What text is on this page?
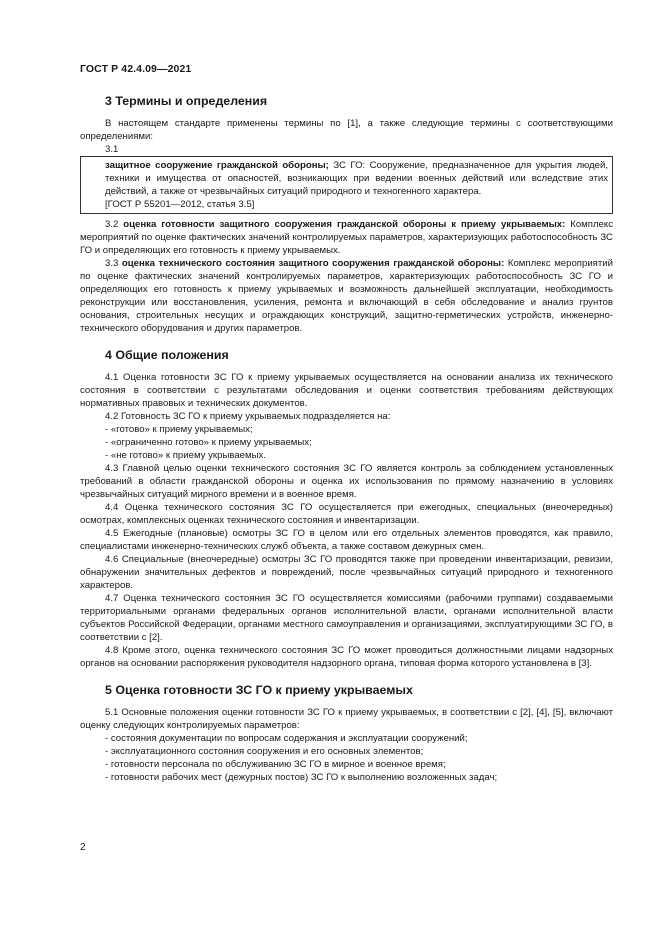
ГОСТ Р 42.4.09—2021
3 Термины и определения

В настоящем стандарте применены термины по [1], а также следующие термины с соответствующими определениями:

3.1

защитное сооружение гражданской обороны; ЗС ГО: Сооружение, предназначенное для укрытия людей, техники и имущества от опасностей, возникающих при ведении военных действий или вследствие этих действий, а также от чрезвычайных ситуаций природного и техногенного характера.

[ГОСТ Р 55201—2012, статья 3.5]

3.2 оценка готовности защитного сооружения гражданской обороны к приему укрываемых: Комплекс мероприятий по оценке фактических значений контролируемых параметров, характеризующих работоспособность ЗС ГО и определяющих его готовность к приему укрываемых.

3.3 оценка технического состояния защитного сооружения гражданской обороны: Комплекс мероприятий по оценке фактических значений контролируемых параметров, характеризующих работоспособность ЗС ГО и определяющих его готовность к приему укрываемых и возможность дальнейшей эксплуатации, необходимость реконструкции или восстановления, усиления, ремонта и включающий в себя обследование и анализ грунтов основания, строительных несущих и ограждающих конструкций, защитно-герметических устройств, инженерно-технического оборудования и других параметров.

4 Общие положения

4.1 Оценка готовности ЗС ГО к приему укрываемых осуществляется на основании анализа их технического состояния в соответствии с результатами обследования и оценки соответствия требованиям действующих нормативных правовых и технических документов.

4.2 Готовность ЗС ГО к приему укрываемых подразделяется на:

- «готово» к приему укрываемых;

- «ограниченно готово» к приему укрываемых;

- «не готово» к приему укрываемых.

4.3 Главной целью оценки технического состояния ЗС ГО является контроль за соблюдением установленных требований в области гражданской обороны и оценка их использования по прямому назначению в условиях чрезвычайных ситуаций мирного времени и в военное время.

4.4 Оценка технического состояния ЗС ГО осуществляется при ежегодных, специальных (внеочередных) осмотрах, комплексных оценках технического состояния и инвентаризации.

4.5 Ежегодные (плановые) осмотры ЗС ГО в целом или его отдельных элементов проводятся, как правило, специалистами инженерно-технических служб объекта, а также составом дежурных смен.

4.6 Специальные (внеочередные) осмотры ЗС ГО проводятся также при проведении инвентаризации, ревизии, обнаружении значительных дефектов и повреждений, после чрезвычайных ситуаций природного и техногенного характеров.

4.7 Оценка технического состояния ЗС ГО осуществляется комиссиями (рабочими группами) создаваемыми территориальными органами федеральных органов исполнительной власти, органами исполнительной власти субъектов Российской Федерации, органами местного самоуправления и организациями, эксплуатирующими ЗС ГО, в соответствии с [2].

4.8 Кроме этого, оценка технического состояния ЗС ГО может проводиться должностными лицами надзорных органов на основании распоряжения руководителя надзорного органа, типовая форма которого установлена в [3].

5 Оценка готовности ЗС ГО к приему укрываемых

5.1 Основные положения оценки готовности ЗС ГО к приему укрываемых, в соответствии с [2], [4], [5], включают оценку следующих контролируемых параметров:

- состояния документации по вопросам содержания и эксплуатации сооружений;

- эксплуатационного состояния сооружения и его основных элементов;

- готовности персонала по обслуживанию ЗС ГО в мирное и военное время;

- готовности рабочих мест (дежурных постов) ЗС ГО к выполнению возложенных задач;

2
